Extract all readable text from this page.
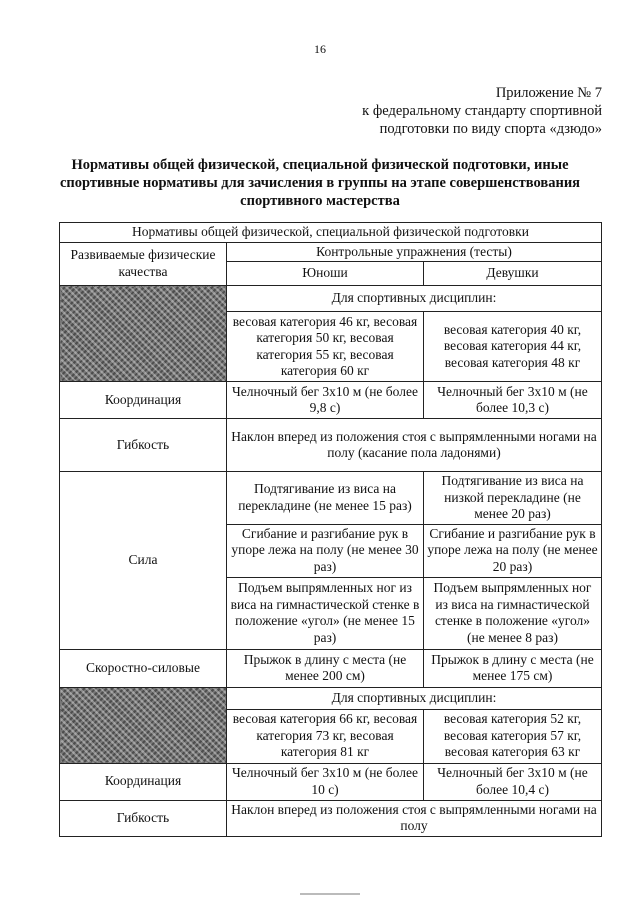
16
Приложение № 7
к федеральному стандарту спортивной
подготовки по виду спорта «дзюдо»
Нормативы общей физической, специальной физической подготовки, иные спортивные нормативы для зачисления в группы на этапе совершенствования спортивного мастерства
Нормативы общей физической, специальной физической подготовки		
Развиваемые физические качества	Контрольные упражнения (тесты)	
	Юноши	Девушки
	Для спортивных дисциплин:	
	весовая категория 46 кг, весовая категория 50 кг, весовая категория 55 кг, весовая категория 60 кг	весовая категория 40 кг, весовая категория 44 кг, весовая категория 48 кг
Координация	Челночный бег 3х10 м (не более 9,8 с)	Челночный бег 3х10 м (не более 10,3 с)
Гибкость	Наклон вперед из положения стоя с выпрямленными ногами на полу (касание пола ладонями)	
Сила	Подтягивание из виса на перекладине (не менее 15 раз)	Подтягивание из виса на низкой перекладине (не менее 20 раз)
	Сгибание и разгибание рук в упоре лежа на полу (не менее 30 раз)	Сгибание и разгибание рук в упоре лежа на полу (не менее 20 раз)
	Подъем выпрямленных ног из виса на гимнастической стенке в положение «угол» (не менее 15 раз)	Подъем выпрямленных ног из виса на гимнастической стенке в положение «угол» (не менее 8 раз)
Скоростно-силовые	Прыжок в длину с места (не менее 200 см)	Прыжок в длину с места (не менее 175 см)
	Для спортивных дисциплин:	
	весовая категория 66 кг, весовая категория 73 кг, весовая категория 81 кг	весовая категория 52 кг, весовая категория 57 кг, весовая категория 63 кг
Координация	Челночный бег 3х10 м (не более 10 с)	Челночный бег 3х10 м (не более 10,4 с)
Гибкость	Наклон вперед из положения стоя с выпрямленными ногами на полу	
